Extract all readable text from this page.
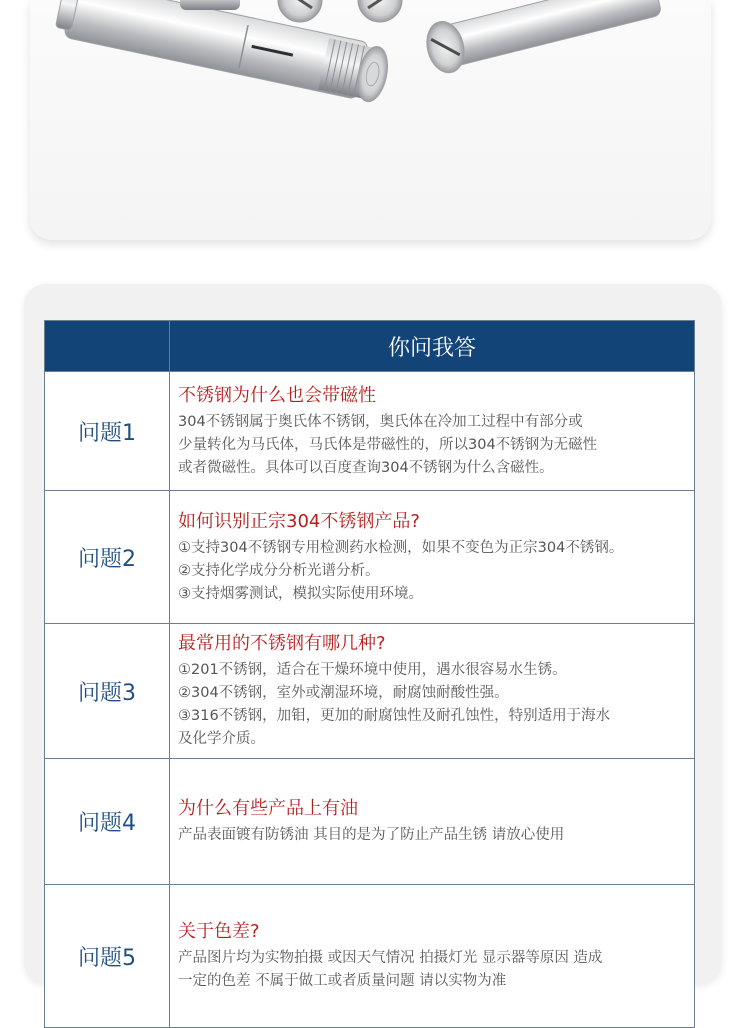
	你问我答
问题1	不锈钢为什么也会带磁性
304不锈钢属于奥氏体不锈钢，奥氏体在冷加工过程中有部分或
少量转化为马氏体，马氏体是带磁性的，所以304不锈钢为无磁性
或者微磁性。具体可以百度查询304不锈钢为什么含磁性。

问题2	如何识别正宗304不锈钢产品?
①支持304不锈钢专用检测药水检测，如果不变色为正宗304不锈钢。
②支持化学成分分析光谱分析。
③支持烟雾测试，模拟实际使用环境。

问题3	最常用的不锈钢有哪几种?
①201不锈钢，适合在干燥环境中使用，遇水很容易水生锈。
②304不锈钢，室外或潮湿环境，耐腐蚀耐酸性强。
③316不锈钢，加钼，更加的耐腐蚀性及耐孔蚀性，特别适用于海水
及化学介质。

问题4	为什么有些产品上有油
产品表面镀有防锈油 其目的是为了防止产品生锈 请放心使用

问题5	关于色差?
产品图片均为实物拍摄 或因天气情况 拍摄灯光 显示器等原因 造成
一定的色差 不属于做工或者质量问题 请以实物为准
